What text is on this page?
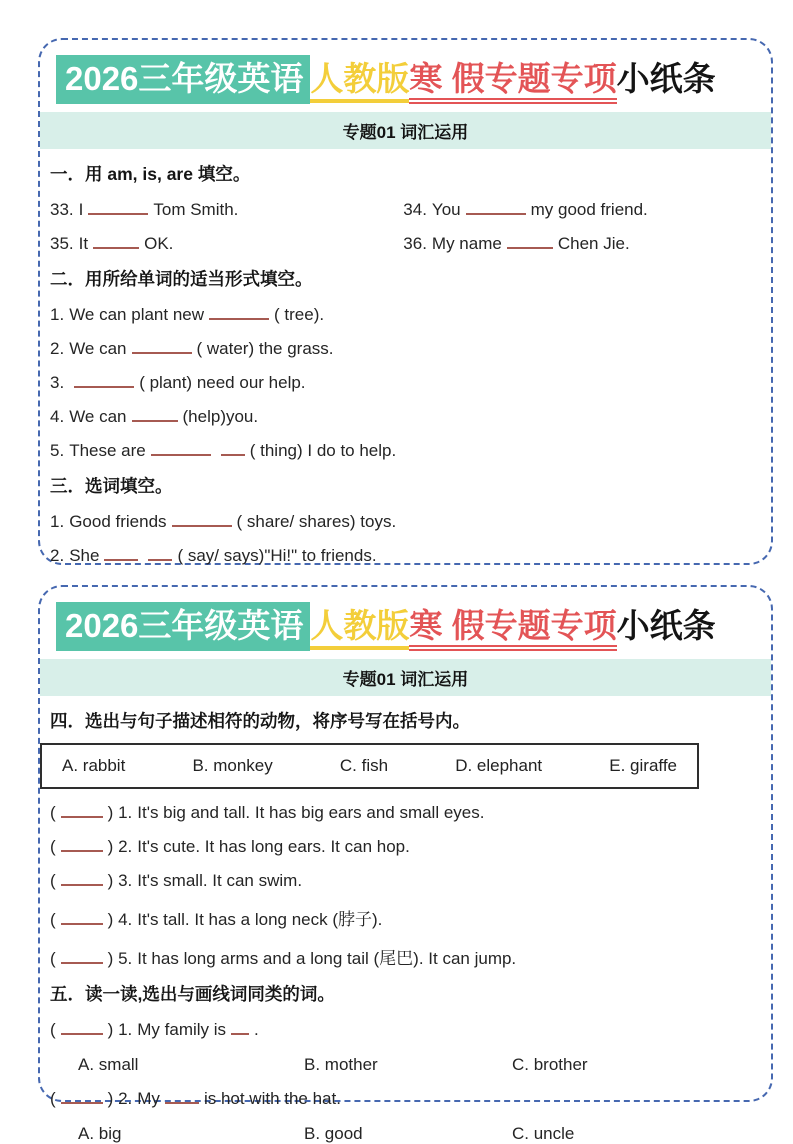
2026三年级英语 人教版寒 假专题专项小纸条
专题01 词汇运用
一．用 am, is, are 填空。
33. I	Tom Smith.	34. You	my good friend.
35. It	OK.	36. My name	Chen Jie.
二．用所给单词的适当形式填空。
1. We can plant new	( tree).
2. We can	( water) the grass.
3.	( plant) need our help.
4. We can	(help)you.
5. These are	( thing) I do to help.
三．选词填空。
1. Good friends	( share/ shares) toys.
2. She	( say/ says)"Hi!" to friends.
2026三年级英语 人教版寒 假专题专项小纸条
专题01 词汇运用
四．选出与句子描述相符的动物，将序号写在括号内。
A. rabbit	B. monkey	C. fish	D. elephant	E. giraffe
(	) 1. It's big and tall. It has big ears and small eyes.
(	) 2. It's cute. It has long ears. It can hop.
(	) 3. It's small. It can swim.
(	) 4. It's tall. It has a long neck (脖子).
(	) 5. It has long arms and a long tail (尾巴). It can jump.
五．读一读,选出与画线词同类的词。
(	) 1. My family is .
A. small	B. mother	C. brother
(	) 2. My	is hot with the hat.
A. big	B. good	C. uncle
